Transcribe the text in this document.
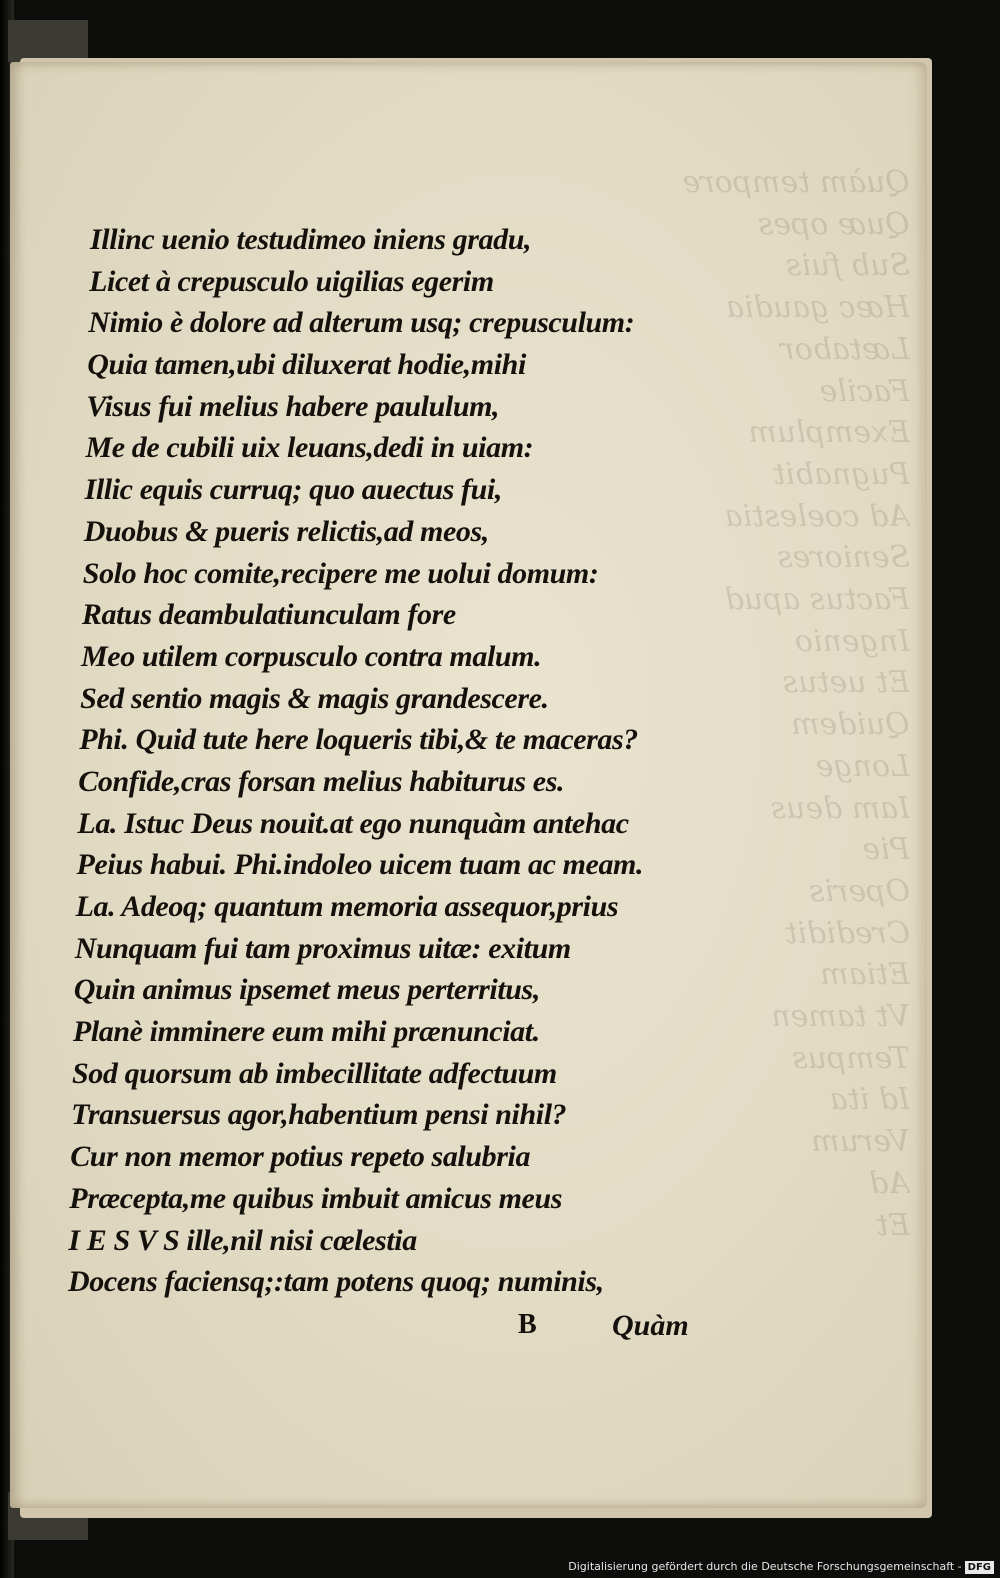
Quàm tempore
Q​uæ ​opes
Sub ​fuis
Hæc gaudia
Lætabor
Facile
Exemplum
Pugnabit
Ad coelestia
Seniores
Factus apud
Ingenio
Et uetus
Quidem
Longe
Iam deus
Pie
Operis
Credidit
Etiam
Vt tamen
Tempus
Id ita
Verum
Ad
Et
Illinc uenio testudimeo iniens gradu,
Licet à crepusculo uigilias egerim
Nimio è dolore ad alterum usq; crepusculum:
Quia tamen,ubi diluxerat hodie,mihi
Visus fui melius habere paululum,
Me de cubili uix leuans,dedi in uiam:
Illic equis curruq; quo auectus fui,
Duobus & pueris relictis,ad meos,
Solo hoc comite,recipere me uolui domum:
Ratus deambulatiunculam fore
Meo utilem corpusculo contra malum.
Sed sentio magis & magis grandescere.
Phi. Quid tute here loqueris tibi,& te maceras?
Confide,cras forsan melius habiturus es.
La. Istuc Deus nouit.at ego nunquàm antehac
Peius habui. Phi.indoleo uicem tuam ac meam.
La. Adeoq; quantum memoria assequor,prius
Nunquam fui tam proximus uitæ: exitum
Quin animus ipsemet meus perterritus,
Planè imminere eum mihi prænunciat.
Sod quorsum ab imbecillitate adfectuum
Transuersus agor,habentium pensi nihil?
Cur non memor potius repeto salubria
Præcepta,me quibus imbuit amicus meus
I E S V S ille,nil nisi cœlestia
Docens faciensq;:tam potens quoq; numinis,
B	Quàm
Digitalisierung gefördert durch die Deutsche Forschungsgemeinschaft - DFG
